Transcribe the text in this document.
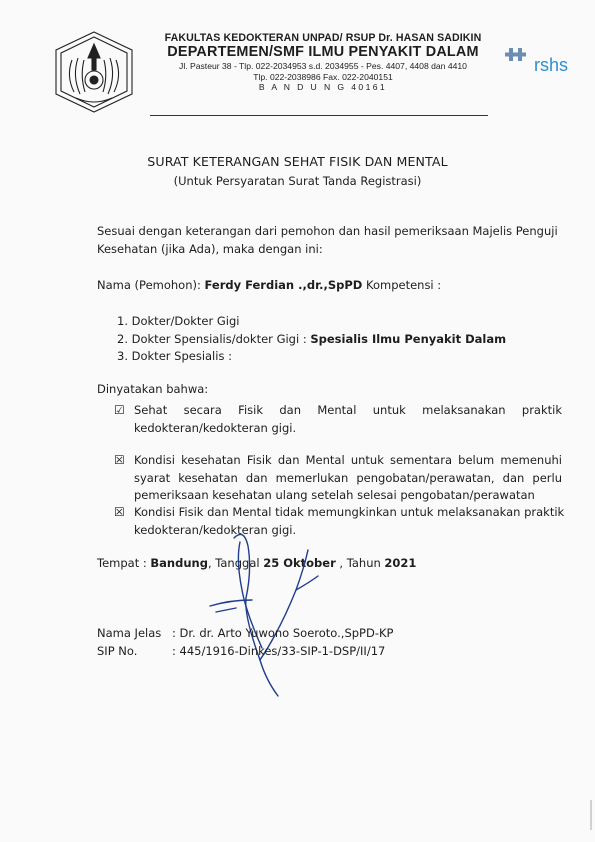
FAKULTAS KEDOKTERAN UNPAD/ RSUP Dr. HASAN SADIKIN
DEPARTEMEN/SMF ILMU PENYAKIT DALAM
Jl. Pasteur 38 - Tlp. 022-2034953 s.d. 2034955 - Pes. 4407, 4408 dan 4410
Tlp. 022-2038986 Fax. 022-2040151
B A N D U N G 40161
rshs
SURAT KETERANGAN SEHAT FISIK DAN MENTAL
(Untuk Persyaratan Surat Tanda Registrasi)
Sesuai dengan keterangan dari pemohon dan hasil pemeriksaan Majelis Penguji
Kesehatan (jika Ada), maka dengan ini:
Nama (Pemohon): Ferdy Ferdian .,dr.,SpPD Kompetensi :
1. Dokter/Dokter Gigi
2. Dokter Spensialis/dokter Gigi : Spesialis Ilmu Penyakit Dalam
3. Dokter Spesialis :
Dinyatakan bahwa:
☑ Sehat secara Fisik dan Mental untuk melaksanakan praktik
kedokteran/kedokteran gigi.
☒ Kondisi kesehatan Fisik dan Mental untuk sementara belum memenuhi
syarat kesehatan dan memerlukan pengobatan/perawatan, dan perlu
pemeriksaan kesehatan ulang setelah selesai pengobatan/perawatan
☒ Kondisi Fisik dan Mental tidak memungkinkan untuk melaksanakan praktik
kedokteran/kedokteran gigi.
Tempat : Bandung, Tanggal 25 Oktober , Tahun 2021
Nama Jelas : Dr. dr. Arto Yuwono Soeroto.,SpPD-KP
SIP No.	: 445/1916-Dinkes/33-SIP-1-DSP/II/17
